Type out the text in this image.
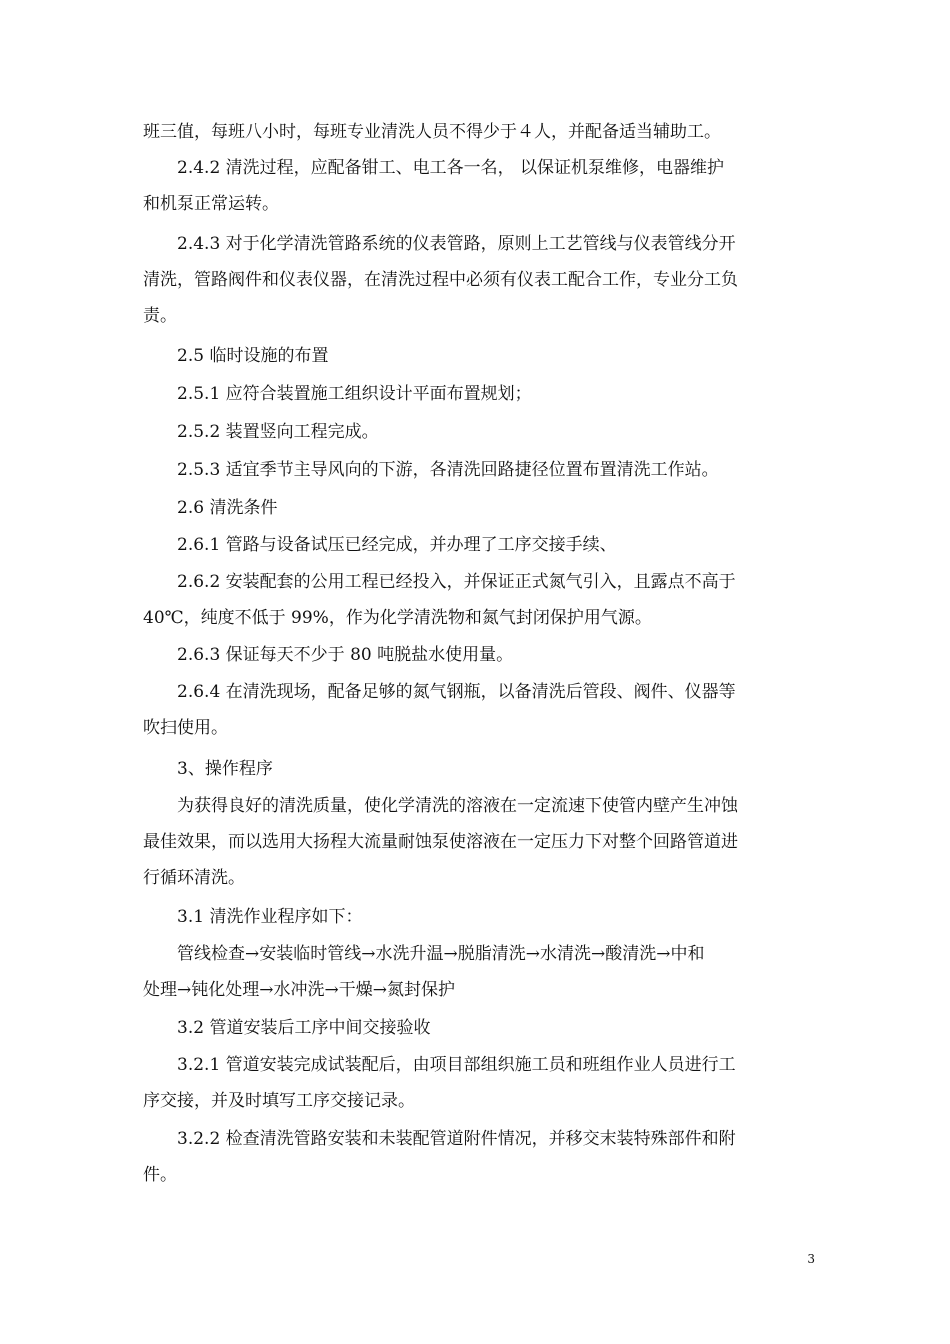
班三值，每班八小时，每班专业清洗人员不得少于４人，并配备适当辅助工。

2.4.2 清洗过程，应配备钳工、电工各一名， 以保证机泵维修，电器维护
和机泵正常运转。

2.4.3 对于化学清洗管路系统的仪表管路，原则上工艺管线与仪表管线分开
清洗，管路阀件和仪表仪器，在清洗过程中必须有仪表工配合工作，专业分工负
责。

2.5 临时设施的布置

2.5.1 应符合装置施工组织设计平面布置规划；

2.5.2 装置竖向工程完成。

2.5.3 适宜季节主导风向的下游，各清洗回路捷径位置布置清洗工作站。

2.6 清洗条件

2.6.1 管路与设备试压已经完成，并办理了工序交接手续、

2.6.2 安装配套的公用工程已经投入，并保证正式氮气引入，且露点不高于
40℃，纯度不低于 99%，作为化学清洗物和氮气封闭保护用气源。

2.6.3 保证每天不少于 80 吨脱盐水使用量。

2.6.4 在清洗现场，配备足够的氮气钢瓶，以备清洗后管段、阀件、仪器等
吹扫使用。

3、操作程序

为获得良好的清洗质量，使化学清洗的溶液在一定流速下使管内壁产生冲蚀
最佳效果，而以选用大扬程大流量耐蚀泵使溶液在一定压力下对整个回路管道进
行循环清洗。

3.1 清洗作业程序如下：

管线检查→安装临时管线→水洗升温→脱脂清洗→水清洗→酸清洗→中和
处理→钝化处理→水冲洗→干燥→氮封保护

3.2 管道安装后工序中间交接验收

3.2.1 管道安装完成试装配后，由项目部组织施工员和班组作业人员进行工
序交接，并及时填写工序交接记录。

3.2.2 检查清洗管路安装和未装配管道附件情况，并移交末装特殊部件和附
件。

3
